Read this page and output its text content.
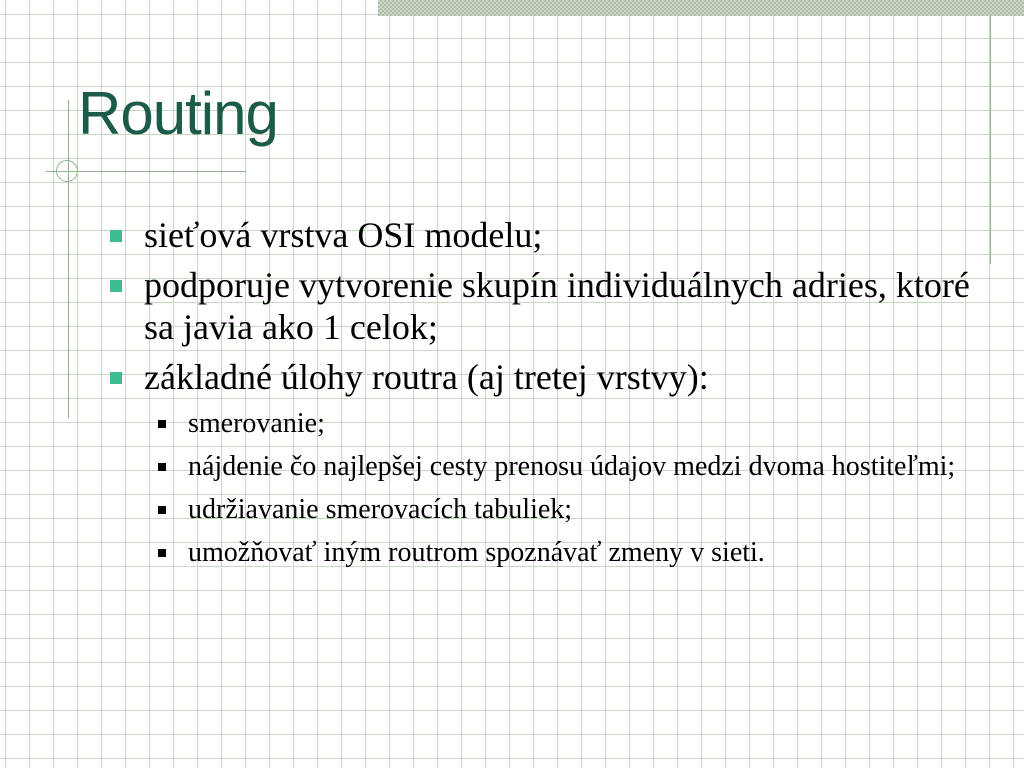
Routing
sieťová vrstva OSI modelu;
podporuje vytvorenie skupín individuálnych adries, ktoré sa javia ako 1 celok;
základné úlohy routra (aj tretej vrstvy):
smerovanie;
nájdenie čo najlepšej cesty prenosu údajov medzi dvoma hostiteľmi;
udržiavanie smerovacích tabuliek;
umožňovať iným routrom spoznávať zmeny v sieti.
